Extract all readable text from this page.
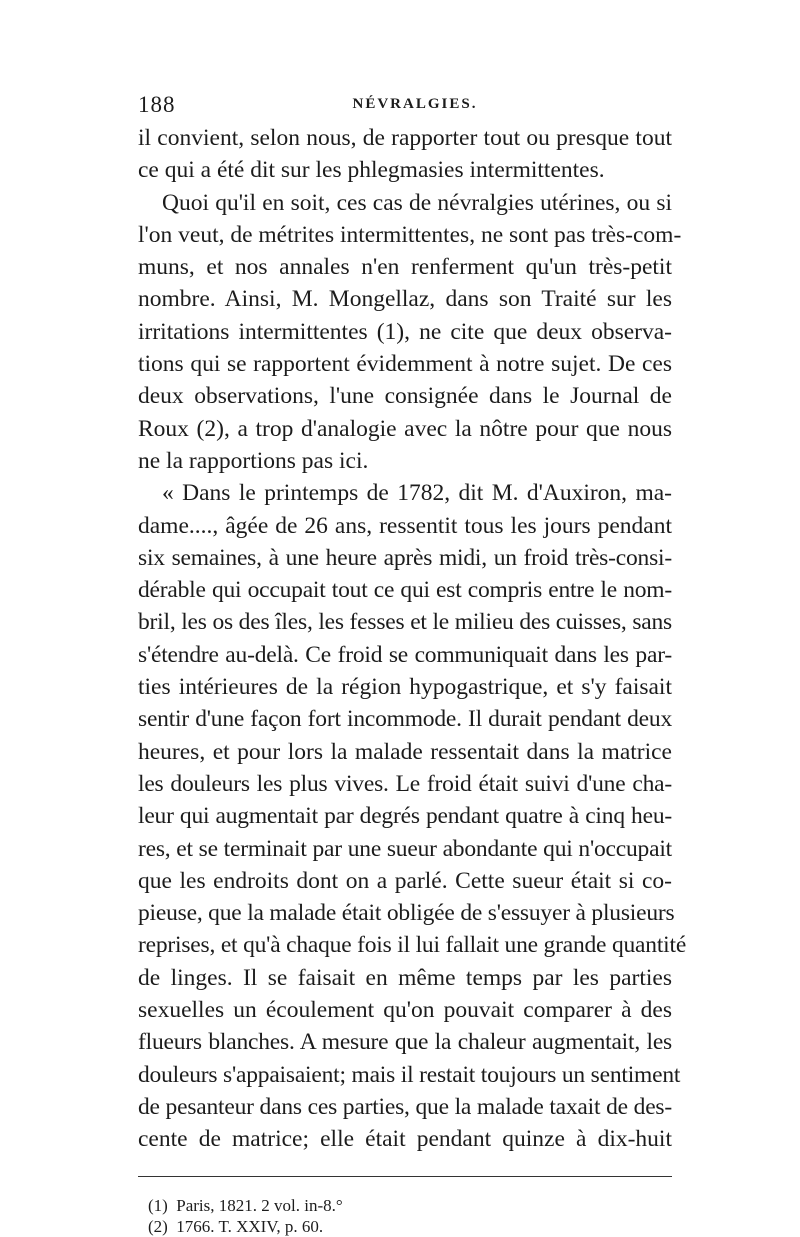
188	NÉVRALGIES.
il convient, selon nous, de rapporter tout ou presque tout
ce qui a été dit sur les phlegmasies intermittentes.
Quoi qu'il en soit, ces cas de névralgies utérines, ou si
l'on veut, de métrites intermittentes, ne sont pas très-com-
muns, et nos annales n'en renferment qu'un très-petit
nombre. Ainsi, M. Mongellaz, dans son Traité sur les
irritations intermittentes (1), ne cite que deux observa-
tions qui se rapportent évidemment à notre sujet. De ces
deux observations, l'une consignée dans le Journal de
Roux (2), a trop d'analogie avec la nôtre pour que nous
ne la rapportions pas ici.
« Dans le printemps de 1782, dit M. d'Auxiron, ma-
dame...., âgée de 26 ans, ressentit tous les jours pendant
six semaines, à une heure après midi, un froid très-consi-
dérable qui occupait tout ce qui est compris entre le nom-
bril, les os des îles, les fesses et le milieu des cuisses, sans
s'étendre au-delà. Ce froid se communiquait dans les par-
ties intérieures de la région hypogastrique, et s'y faisait
sentir d'une façon fort incommode. Il durait pendant deux
heures, et pour lors la malade ressentait dans la matrice
les douleurs les plus vives. Le froid était suivi d'une cha-
leur qui augmentait par degrés pendant quatre à cinq heu-
res, et se terminait par une sueur abondante qui n'occupait
que les endroits dont on a parlé. Cette sueur était si co-
pieuse, que la malade était obligée de s'essuyer à plusieurs
reprises, et qu'à chaque fois il lui fallait une grande quantité
de linges. Il se faisait en même temps par les parties
sexuelles un écoulement qu'on pouvait comparer à des
flueurs blanches. A mesure que la chaleur augmentait, les
douleurs s'appaisaient; mais il restait toujours un sentiment
de pesanteur dans ces parties, que la malade taxait de des-
cente de matrice; elle était pendant quinze à dix-huit
(1) Paris, 1821. 2 vol. in-8.°
(2) 1766. T. XXIV, p. 60.
